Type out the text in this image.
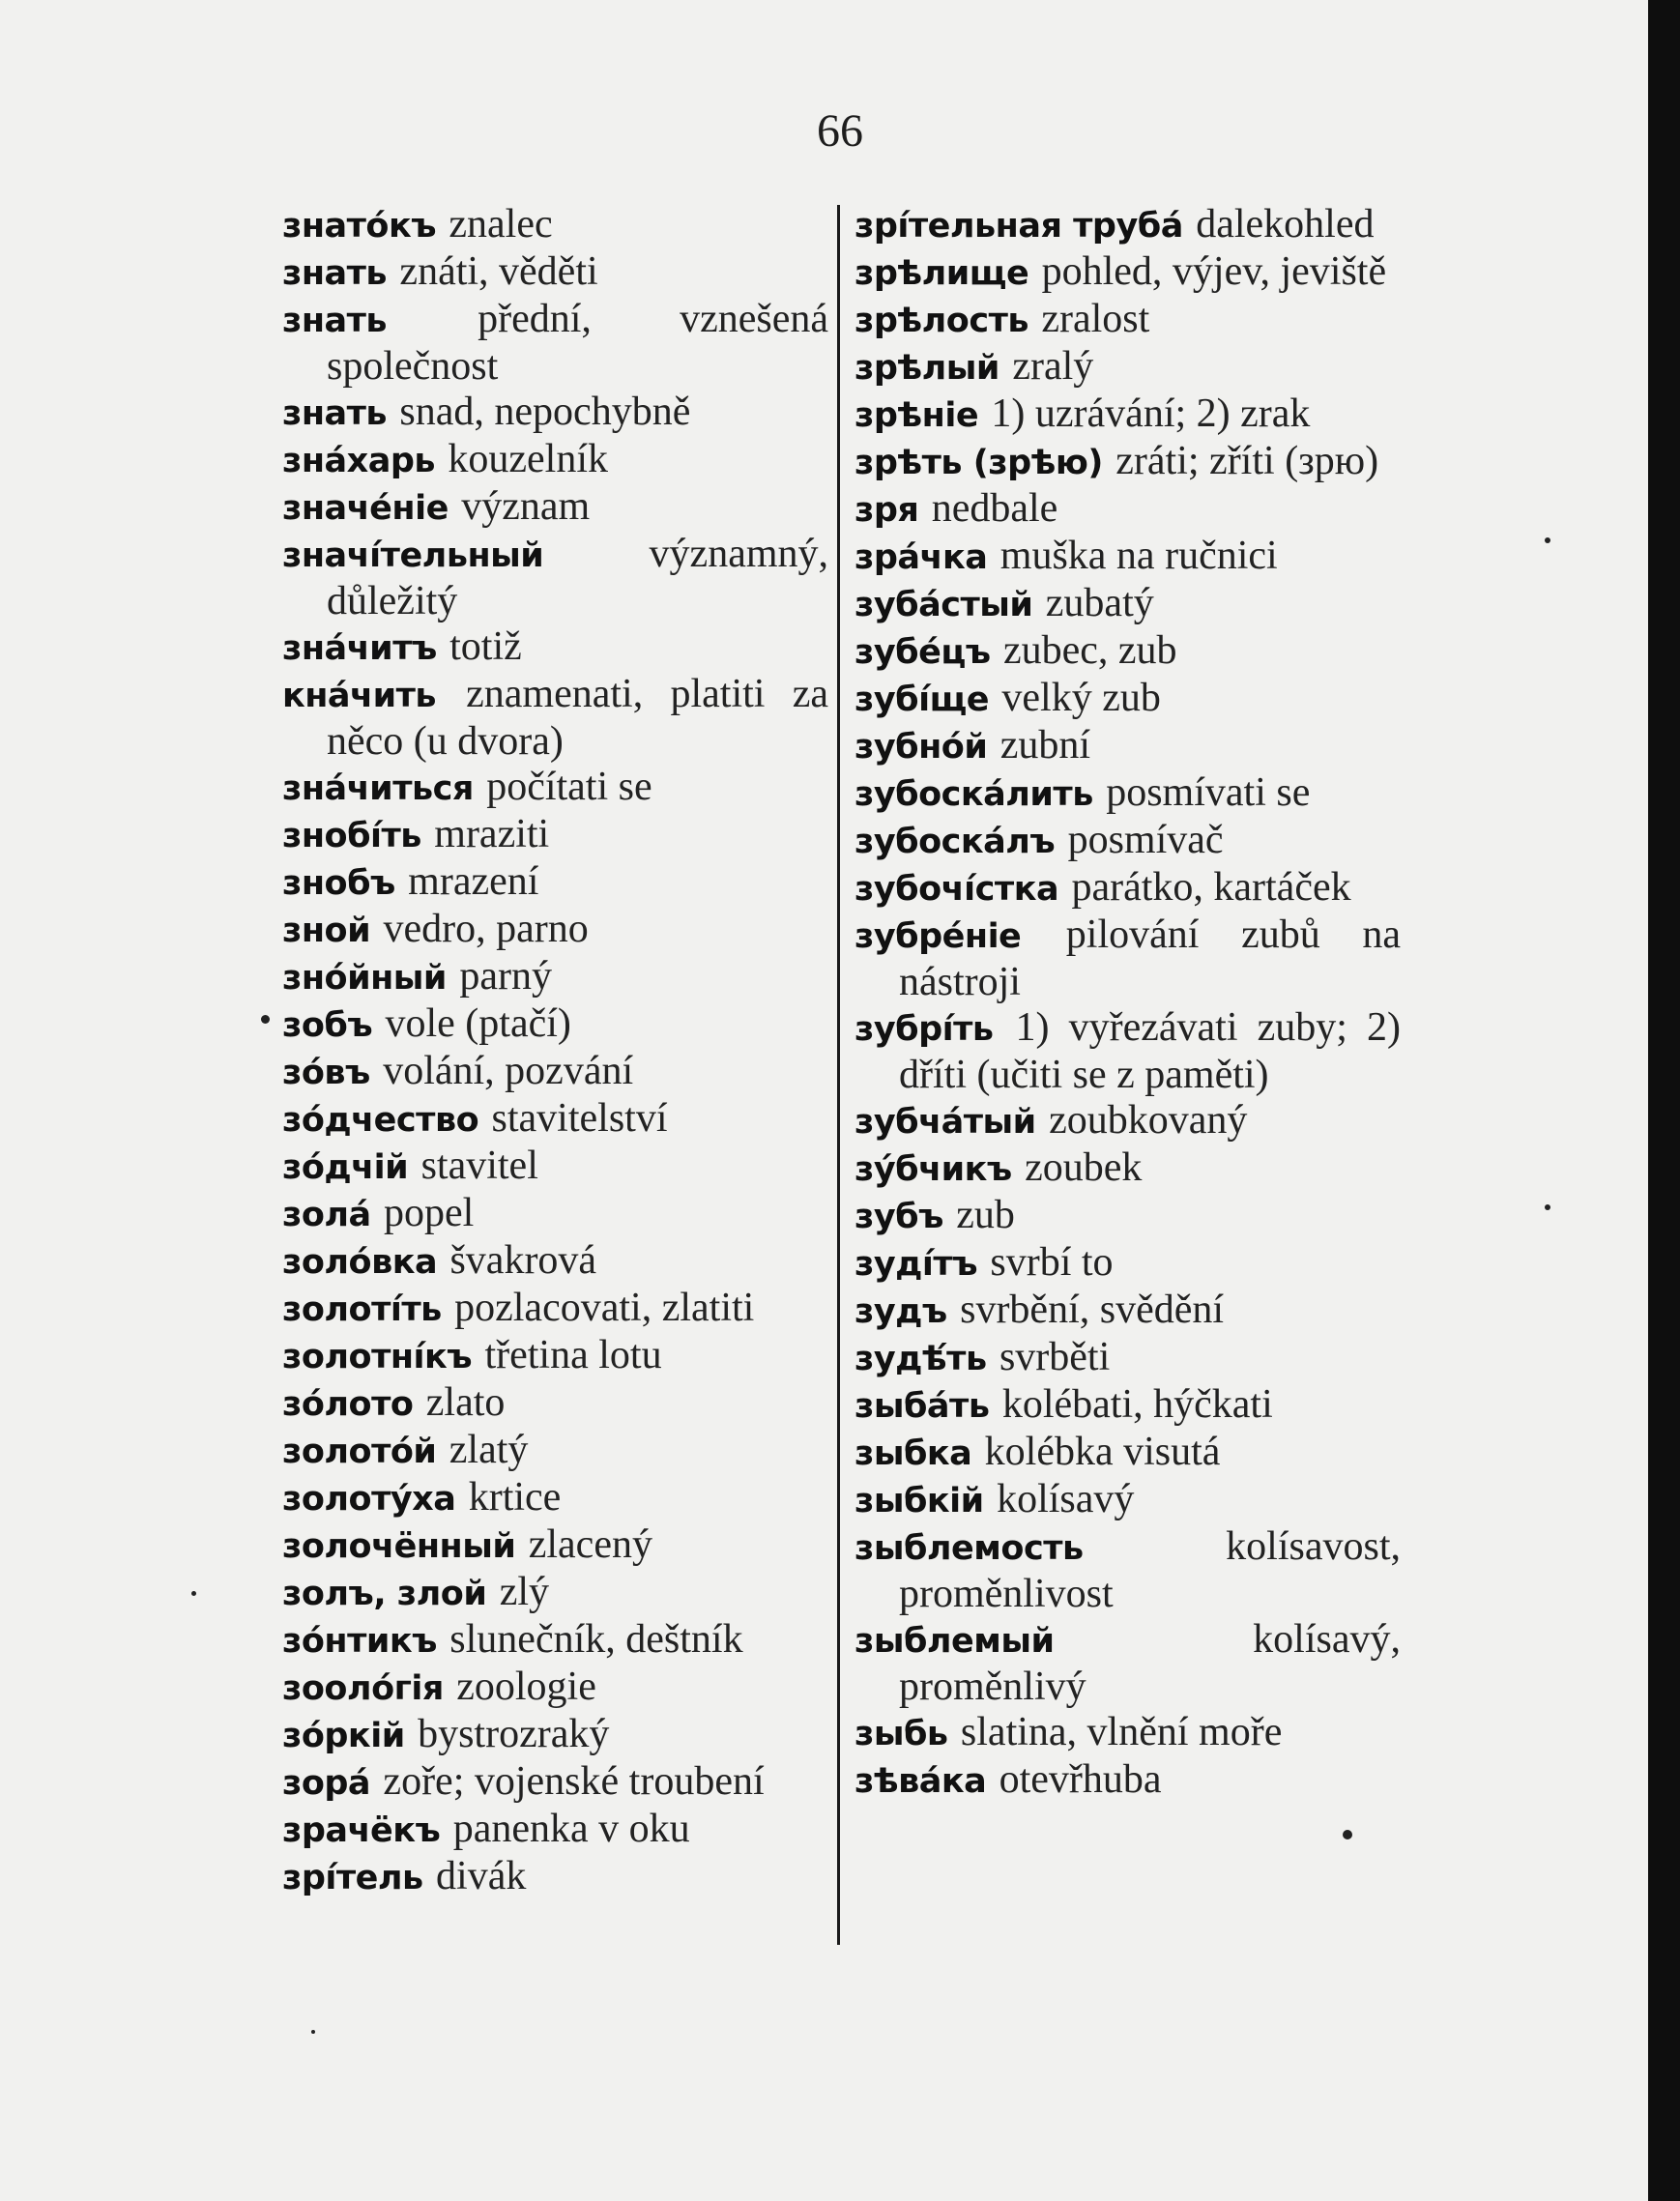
66

знатóкъ znalec

знать znáti, věděti

знать přední, vznešená společnost

знать snad, nepochybně

знáхарь kouzelník

значéнiе význam

значíтельный	významný, důležitý

знáчитъ totiž

кнáчить znamenati, platiti za něco (u dvora)

знáчиться počítati se

знобíть mraziti

знобъ mrazení

зной vedro, parno

знóйный parný

зобъ vole (ptačí)

зóвъ volání, pozvání

зóдчество stavitelství

зóдчiй stavitel

золá popel

золóвка švakrová

золотíть pozlacovati, zlatiti

золотнíкъ třetina lotu

зóлото zlato

золотóй zlatý

золотýха krtice

золочённый zlacený

золъ, злой zlý

зóнтикъ slunečník, deštník

зоолóгiя zoologie

зóркiй bystrozraký

зорá zoře; vojenské troubení

зрачёкъ panenka v oku

зрíтель divák

зрíтельная трубá dalekohled

зрѣлище pohled, výjev, jeviště

зрѣлость zralost

зрѣлый zralý

зрѣнiе 1) uzrávání; 2) zrak

зрѣть (зрѣю) zráti; zříti (зрю)

зря nedbale

зрáчка muška na ručnici

зубáстый zubatý

зубéцъ zubec, zub

зубíще velký zub

зубнóй zubní

зубоскáлить posmívati se

зубоскáлъ posmívač

зубочíстка parátko, kartáček

зубрéнiе pilování zubů na nástroji

зубрíть 1) vyřezávati zuby; 2) dříti (učiti se z paměti)

зубчáтый zoubkovaný

зýбчикъ zoubek

зубъ zub

зудíтъ svrbí to

зудъ svrbění, svědění

зудѣ́ть svrběti

зыбáть kolébati, hýčkati

зыбка kolébka visutá

зыбкiй kolísavý

зыблемость	kolísavost, proměnlivost

зыблемый	kolísavý, proměnlivý

зыбь slatina, vlnění moře

зѣвáка otevřhuba
